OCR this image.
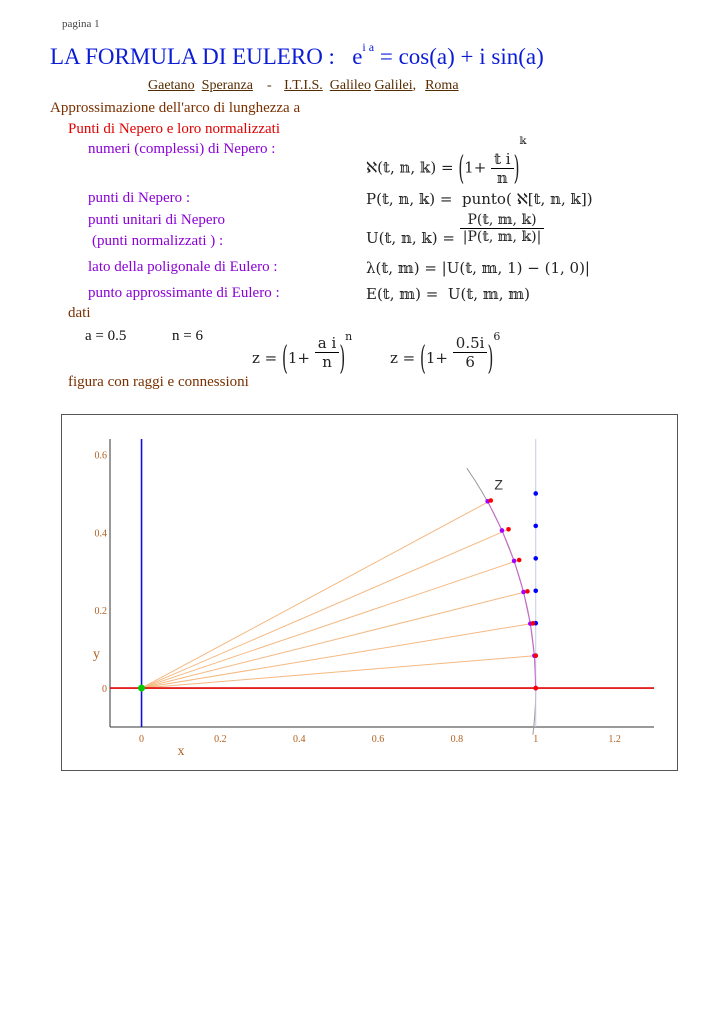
pagina 1
LA FORMULA DI EULERO : $e^{i a} = \cos(a) + i$ sin(a)
Gaetano Speranza - I.T.I.S. Galileo Galilei, Roma
Approssimazione dell'arco di lunghezza a
Punti di Nepero e loro normalizzati
numeri (complessi) di Nepero :
punti di Nepero :
punti unitari di Nepero
(punti normalizzati ) :
lato della poligonale di Eulero :
punto approssimante di Eulero :
ℵ(𝕥, 𝕟, 𝕜) = $(1+ \frac{\text{𝕥 i}}{\text{𝕟}} )^𝕜$
P(𝕥, 𝕟, 𝕜) = punto( ℵ[𝕥, 𝕟, 𝕜])
U(𝕥, 𝕟, 𝕜) = $\frac{\text{P(𝕥, 𝕞, 𝕜)}}{\text{|P(𝕥, 𝕞, 𝕜)|}}$
λ(𝕥, 𝕞) = |U(𝕥, 𝕞, 1) − (1, 0)|
E(𝕥, 𝕞) = U(𝕥, 𝕞, 𝕞)
dati
a = 0.5	n = 6
$z = (1+ \frac{\text{a i}}{n} )^n$
$z = (1+ \frac{0.5i}{6} )^6$
figura con raggi e connessioni
0	0.2	0.4	0.6	0.8	1	1.2
0
0.2
0.4
0.6
x
y
Z
